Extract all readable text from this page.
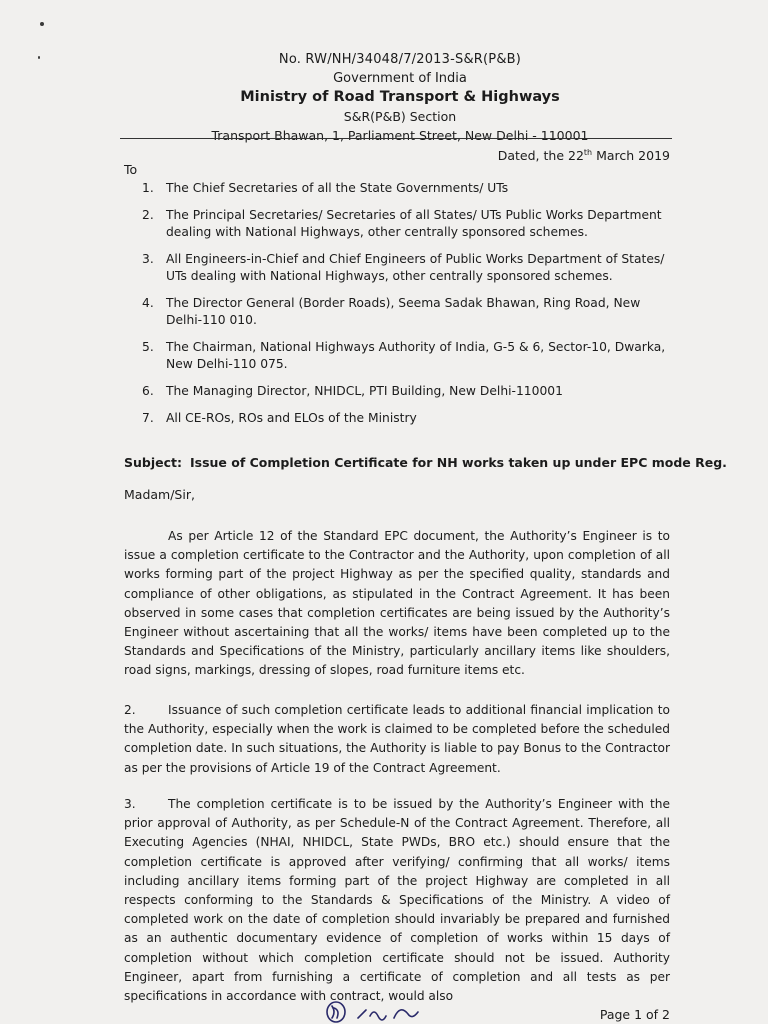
No. RW/NH/34048/7/2013-S&R(P&B)
Government of India
Ministry of Road Transport & Highways
S&R(P&B) Section
Transport Bhawan, 1, Parliament Street, New Delhi - 110001
Dated, the 22th March 2019
To
1. The Chief Secretaries of all the State Governments/ UTs
2. The Principal Secretaries/ Secretaries of all States/ UTs Public Works Department dealing with National Highways, other centrally sponsored schemes.
3. All Engineers-in-Chief and Chief Engineers of Public Works Department of States/ UTs dealing with National Highways, other centrally sponsored schemes.
4. The Director General (Border Roads), Seema Sadak Bhawan, Ring Road, New Delhi-110 010.
5. The Chairman, National Highways Authority of India, G-5 & 6, Sector-10, Dwarka, New Delhi-110 075.
6. The Managing Director, NHIDCL, PTI Building, New Delhi-110001
7. All CE-ROs, ROs and ELOs of the Ministry
Subject: Issue of Completion Certificate for NH works taken up under EPC mode Reg.
Madam/Sir,

As per Article 12 of the Standard EPC document, the Authority’s Engineer is to issue a completion certificate to the Contractor and the Authority, upon completion of all works forming part of the project Highway as per the specified quality, standards and compliance of other obligations, as stipulated in the Contract Agreement. It has been observed in some cases that completion certificates are being issued by the Authority’s Engineer without ascertaining that all the works/ items have been completed up to the Standards and Specifications of the Ministry, particularly ancillary items like shoulders, road signs, markings, dressing of slopes, road furniture items etc.

2.	Issuance of such completion certificate leads to additional financial implication to the Authority, especially when the work is claimed to be completed before the scheduled completion date. In such situations, the Authority is liable to pay Bonus to the Contractor as per the provisions of Article 19 of the Contract Agreement.

3.	The completion certificate is to be issued by the Authority’s Engineer with the prior approval of Authority, as per Schedule-N of the Contract Agreement. Therefore, all Executing Agencies (NHAI, NHIDCL, State PWDs, BRO etc.) should ensure that the completion certificate is approved after verifying/ confirming that all works/ items including ancillary items forming part of the project Highway are completed in all respects conforming to the Standards & Specifications of the Ministry. A video of completed work on the date of completion should invariably be prepared and furnished as an authentic documentary evidence of completion of works within 15 days of completion without which completion certificate should not be issued. Authority Engineer, apart from furnishing a certificate of completion and all tests as per specifications in accordance with contract, would also

Page 1 of 2
